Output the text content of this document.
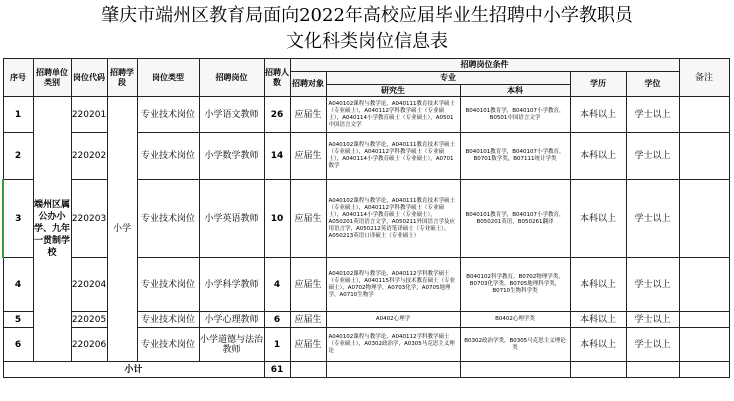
肇庆市端州区教育局面向2022年高校应届毕业生招聘中小学教职员
文化科类岗位信息表
序号	招聘单位类别	岗位代码	招聘学段	岗位类型	招聘岗位	招聘人数	招聘岗位条件					备注
							招聘对象	专业		学历	学位	
								研究生	本科			
1	端州区属公办小学、九年一贯制学校	220201	小学	专业技术岗位	小学语文教师	26	应届生	A040102课程与教学论，A040111教育技术学硕士（专业硕士），A040112学科教学硕士（专业硕士），A040114小学教育硕士（专业硕士），A0501中国语言文学	B040101教育学，B040107小学教育，B0501中国语言文学	本科以上	学士以上	
2		220202		专业技术岗位	小学数学教师	14	应届生	A040102课程与教学论，A040111教育技术学硕士（专业硕士），A040112学科教学硕士（专业硕士），A040114小学教育硕士（专业硕士），A0701数学	B040101教育学，B040107小学教育，B0701数学类，B07111统计学类	本科以上	学士以上	
3		220203		专业技术岗位	小学英语教师	10	应届生	A040102课程与教学论，A040111教育技术学硕士（专业硕士），A040112学科教学硕士（专业硕士），A040114小学教育硕士（专业硕士），A050201英语语言文学，A050211外国语言学及应用语言学，A050212英语笔译硕士（专业硕士），A050213英语口译硕士（专业硕士）	B040101教育学，B040107小学教育，B050201英语，B050261翻译	本科以上	学士以上	
4		220204		专业技术岗位	小学科学教师	4	应届生	A040102课程与教学论，A040112学科教学硕士（专业硕士），A040115科学与技术教育硕士（专业硕士），A0702物理学，A0703化学，A0705地理学，A0710生物学	B040102科学教育，B0702物理学类，B0703化学类，B0705地理科学类，B0710生物科学类	本科以上	学士以上	
5		220205		专业技术岗位	小学心理教师	6	应届生	A0402心理学	B0402心理学类	本科以上	学士以上	
6		220206		专业技术岗位	小学道德与法治教师	1	应届生	A040102课程与教学论，A040112学科教学硕士（专业硕士），A0302政治学，A0305马克思主义理论	B0302政治学类，B0305马克思主义理论类	本科以上	学士以上	
小计						61						
